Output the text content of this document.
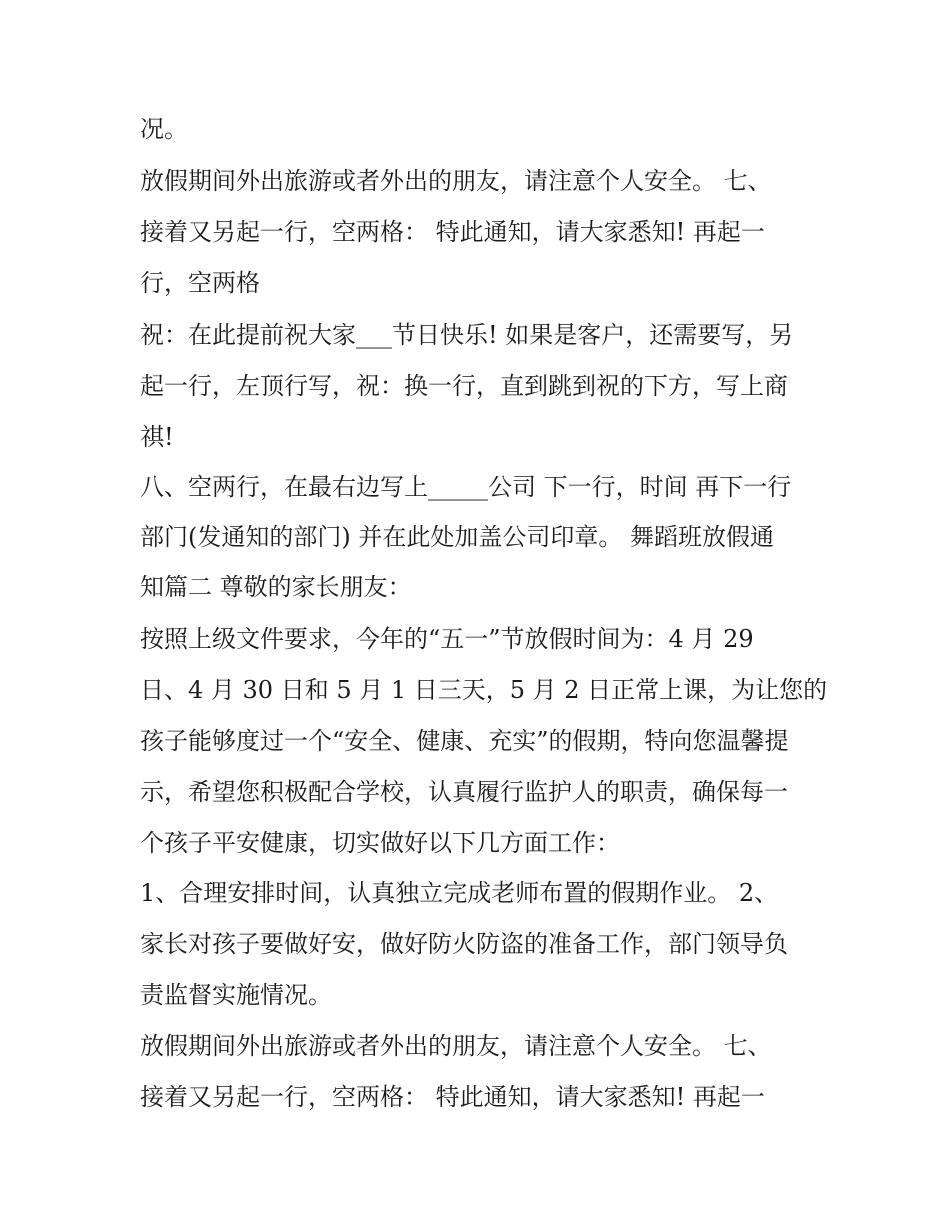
况。

放假期间外出旅游或者外出的朋友，请注意个人安全。 七、

接着又另起一行，空两格： 特此通知，请大家悉知! 再起一

行，空两格

祝：在此提前祝大家___节日快乐! 如果是客户，还需要写，另

起一行，左顶行写，祝：换一行，直到跳到祝的下方，写上商

祺!

八、空两行，在最右边写上_____公司 下一行，时间 再下一行

部门(发通知的部门) 并在此处加盖公司印章。 舞蹈班放假通

知篇二 尊敬的家长朋友：

按照上级文件要求，今年的“五一”节放假时间为：4 月 29

日、4 月 30 日和 5 月 1 日三天，5 月 2 日正常上课，为让您的

孩子能够度过一个“安全、健康、充实”的假期，特向您温馨提

示，希望您积极配合学校，认真履行监护人的职责，确保每一

个孩子平安健康，切实做好以下几方面工作：

1、合理安排时间，认真独立完成老师布置的假期作业。 2、

家长对孩子要做好安，做好防火防盗的准备工作，部门领导负

责监督实施情况。

放假期间外出旅游或者外出的朋友，请注意个人安全。 七、

接着又另起一行，空两格： 特此通知，请大家悉知! 再起一
